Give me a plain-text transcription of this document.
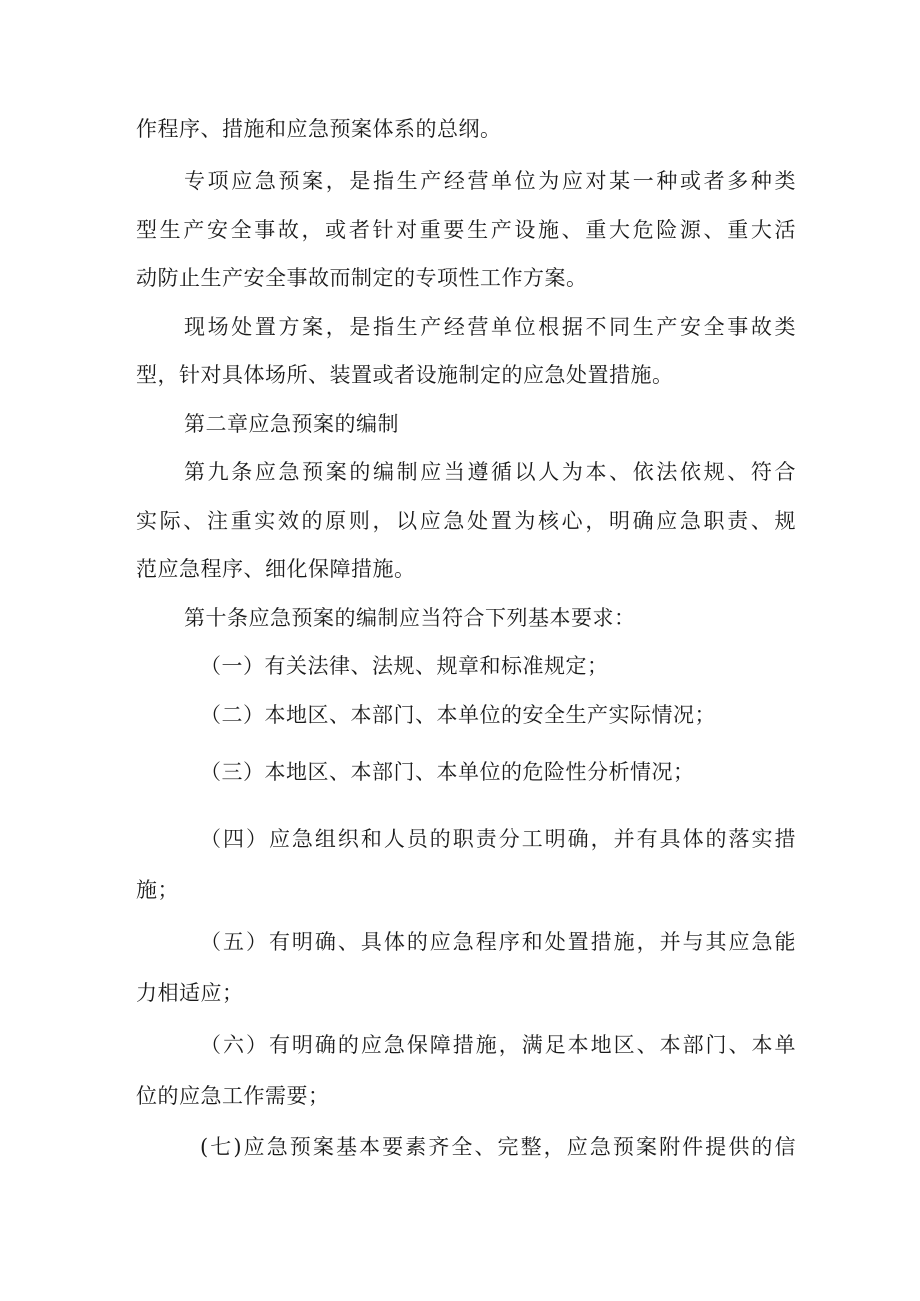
作程序、措施和应急预案体系的总纲。
专项应急预案，是指生产经营单位为应对某一种或者多种类
型生产安全事故，或者针对重要生产设施、重大危险源、重大活
动防止生产安全事故而制定的专项性工作方案。
现场处置方案，是指生产经营单位根据不同生产安全事故类
型，针对具体场所、装置或者设施制定的应急处置措施。
第二章应急预案的编制
第九条应急预案的编制应当遵循以人为本、依法依规、符合
实际、注重实效的原则，以应急处置为核心，明确应急职责、规
范应急程序、细化保障措施。
第十条应急预案的编制应当符合下列基本要求：
（一）有关法律、法规、规章和标准规定；
（二）本地区、本部门、本单位的安全生产实际情况；
（三）本地区、本部门、本单位的危险性分析情况；
（四）应急组织和人员的职责分工明确，并有具体的落实措
施；
（五）有明确、具体的应急程序和处置措施，并与其应急能
力相适应；
（六）有明确的应急保障措施，满足本地区、本部门、本单
位的应急工作需要；
(七)应急预案基本要素齐全、完整，应急预案附件提供的信
